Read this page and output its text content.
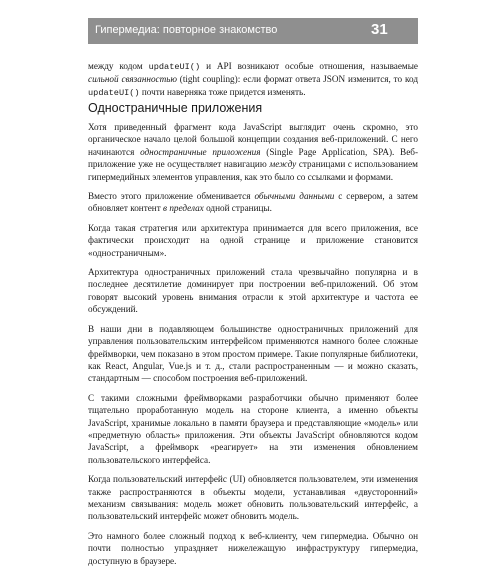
Гипермедиа: повторное знакомство	31

между кодом updateUI() и API возникают особые отношения, называемые сильной связанностью (tight coupling): если формат ответа JSON изменится, то код updateUI() почти наверняка тоже придется изменять.

Одностраничные приложения

Хотя приведенный фрагмент кода JavaScript выглядит очень скромно, это органическое начало целой большой концепции создания веб-приложений. С него начинаются одностраничные приложения (Single Page Application, SPA). Веб-приложение уже не осуществляет навигацию между страницами с использованием гипермедийных элементов управления, как это было со ссылками и формами.

Вместо этого приложение обменивается обычными данными с сервером, а затем обновляет контент в пределах одной страницы.

Когда такая стратегия или архитектура принимается для всего приложения, все фактически происходит на одной странице и приложение становится «одностраничным».

Архитектура одностраничных приложений стала чрезвычайно популярна и в последнее десятилетие доминирует при построении веб-приложений. Об этом говорят высокий уровень внимания отрасли к этой архитектуре и частота ее обсуждений.

В наши дни в подавляющем большинстве одностраничных приложений для управления пользовательским интерфейсом применяются намного более сложные фреймворки, чем показано в этом простом примере. Такие популярные библиотеки, как React, Angular, Vue.js и т. д., стали распространенным — и можно сказать, стандартным — способом построения веб-приложений.

С такими сложными фреймворками разработчики обычно применяют более тщательно проработанную модель на стороне клиента, а именно объекты JavaScript, хранимые локально в памяти браузера и представляющие «модель» или «предметную область» приложения. Эти объекты JavaScript обновляются кодом JavaScript, а фреймворк «реагирует» на эти изменения обновлением пользовательского интерфейса.

Когда пользовательский интерфейс (UI) обновляется пользователем, эти изменения также распространяются в объекты модели, устанавливая «двусторонний» механизм связывания: модель может обновить пользовательский интерфейс, а пользовательский интерфейс может обновить модель.

Это намного более сложный подход к веб-клиенту, чем гипермедиа. Обычно он почти полностью упраздняет нижележащую инфраструктуру гипермедиа, доступную в браузере.
